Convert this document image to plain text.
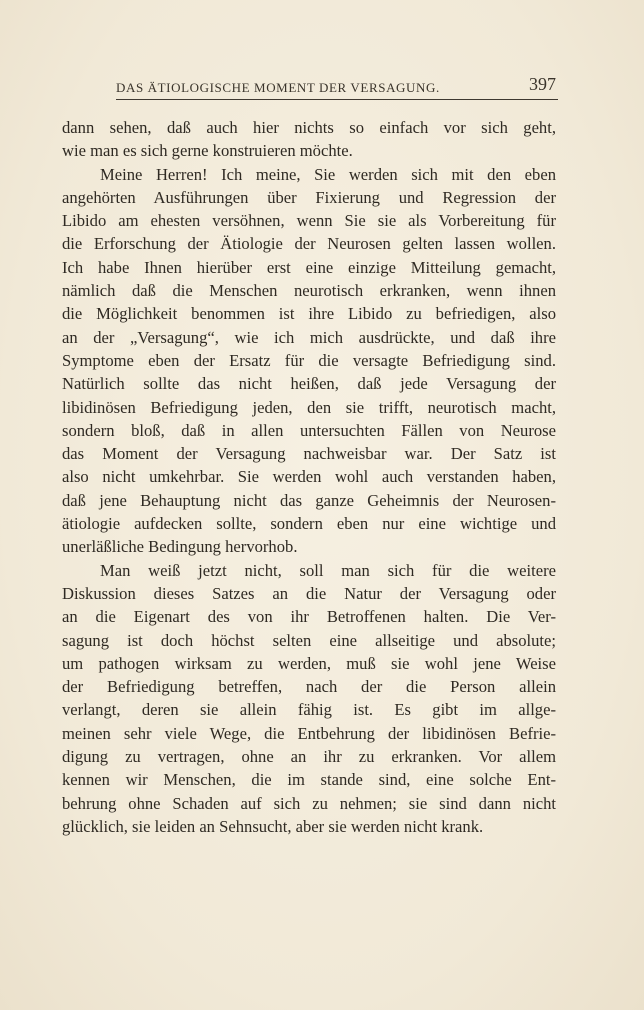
DAS ÄTIOLOGISCHE MOMENT DER VERSAGUNG.	397
dann sehen, daß auch hier nichts so einfach vor sich geht,
wie man es sich gerne konstruieren möchte.
Meine Herren! Ich meine, Sie werden sich mit den eben
angehörten Ausführungen über Fixierung und Regression der
Libido am ehesten versöhnen, wenn Sie sie als Vorbereitung für
die Erforschung der Ätiologie der Neurosen gelten lassen wollen.
Ich habe Ihnen hierüber erst eine einzige Mitteilung gemacht,
nämlich daß die Menschen neurotisch erkranken, wenn ihnen
die Möglichkeit benommen ist ihre Libido zu befriedigen, also
an der „Versagung“, wie ich mich ausdrückte, und daß ihre
Symptome eben der Ersatz für die versagte Befriedigung sind.
Natürlich sollte das nicht heißen, daß jede Versagung der
libidinösen Befriedigung jeden, den sie trifft, neurotisch macht,
sondern bloß, daß in allen untersuchten Fällen von Neurose
das Moment der Versagung nachweisbar war. Der Satz ist
also nicht umkehrbar. Sie werden wohl auch verstanden haben,
daß jene Behauptung nicht das ganze Geheimnis der Neurosen-
ätiologie aufdecken sollte, sondern eben nur eine wichtige und
unerläßliche Bedingung hervorhob.
Man weiß jetzt nicht, soll man sich für die weitere
Diskussion dieses Satzes an die Natur der Versagung oder
an die Eigenart des von ihr Betroffenen halten. Die Ver-
sagung ist doch höchst selten eine allseitige und absolute;
um pathogen wirksam zu werden, muß sie wohl jene Weise
der Befriedigung betreffen, nach der die Person allein
verlangt, deren sie allein fähig ist. Es gibt im allge-
meinen sehr viele Wege, die Entbehrung der libidinösen Befrie-
digung zu vertragen, ohne an ihr zu erkranken. Vor allem
kennen wir Menschen, die im stande sind, eine solche Ent-
behrung ohne Schaden auf sich zu nehmen; sie sind dann nicht
glücklich, sie leiden an Sehnsucht, aber sie werden nicht krank.
